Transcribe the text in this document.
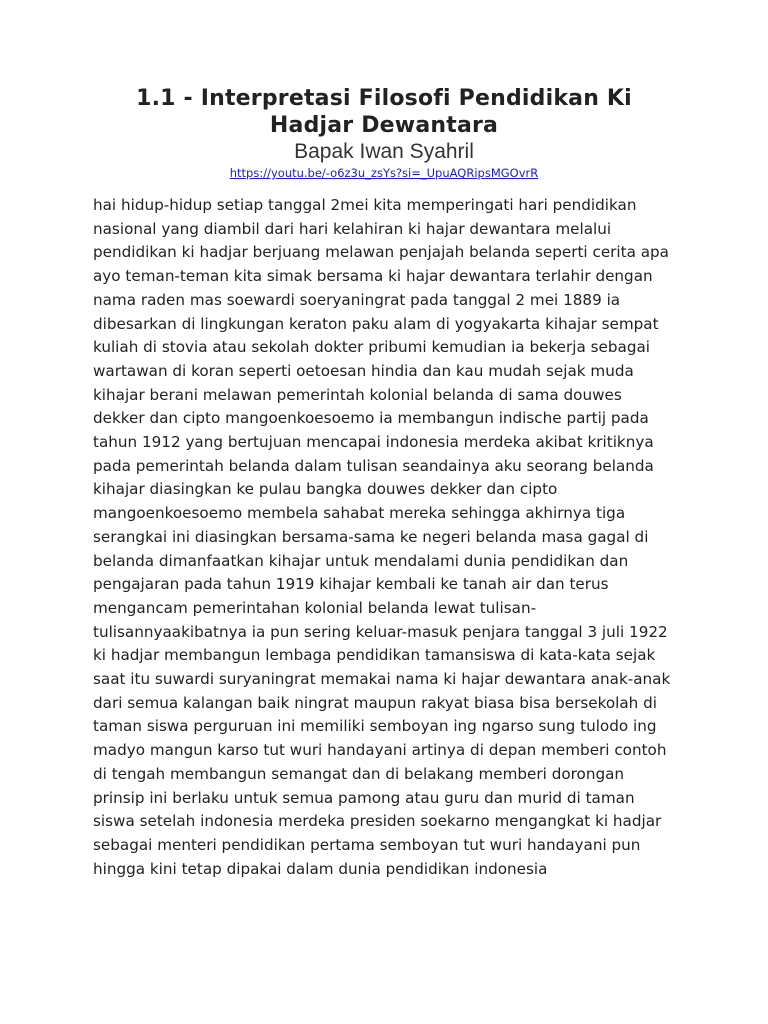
1.1 - Interpretasi Filosofi Pendidikan Ki Hadjar Dewantara
Bapak Iwan Syahril
https://youtu.be/-o6z3u_zsYs?si=_UpuAQRipsMGOvrR

hai hidup-hidup setiap tanggal 2mei kita memperingati hari pendidikan nasional yang diambil dari hari kelahiran ki hajar dewantara melalui pendidikan ki hadjar berjuang melawan penjajah belanda seperti cerita apa ayo teman-teman kita simak bersama ki hajar dewantara terlahir dengan nama raden mas soewardi soeryaningrat pada tanggal 2 mei 1889 ia dibesarkan di lingkungan keraton paku alam di yogyakarta kihajar sempat kuliah di stovia atau sekolah dokter pribumi kemudian ia bekerja sebagai wartawan di koran seperti oetoesan hindia dan kau mudah sejak muda kihajar berani melawan pemerintah kolonial belanda di sama douwes dekker dan cipto mangoenkoesoemo ia membangun indische partij pada tahun 1912 yang bertujuan mencapai indonesia merdeka akibat kritiknya pada pemerintah belanda dalam tulisan seandainya aku seorang belanda kihajar diasingkan ke pulau bangka douwes dekker dan cipto mangoenkoesoemo membela sahabat mereka sehingga akhirnya tiga serangkai ini diasingkan bersama-sama ke negeri belanda masa gagal di belanda dimanfaatkan kihajar untuk mendalami dunia pendidikan dan pengajaran pada tahun 1919 kihajar kembali ke tanah air dan terus mengancam pemerintahan kolonial belanda lewat tulisan-tulisannyaakibatnya ia pun sering keluar-masuk penjara tanggal 3 juli 1922 ki hadjar membangun lembaga pendidikan tamansiswa di kata-kata sejak saat itu suwardi suryaningrat memakai nama ki hajar dewantara anak-anak dari semua kalangan baik ningrat maupun rakyat biasa bisa bersekolah di taman siswa perguruan ini memiliki semboyan ing ngarso sung tulodo ing madyo mangun karso tut wuri handayani artinya di depan memberi contoh di tengah membangun semangat dan di belakang memberi dorongan prinsip ini berlaku untuk semua pamong atau guru dan murid di taman siswa setelah indonesia merdeka presiden soekarno mengangkat ki hadjar sebagai menteri pendidikan pertama semboyan tut wuri handayani pun hingga kini tetap dipakai dalam dunia pendidikan indonesia
